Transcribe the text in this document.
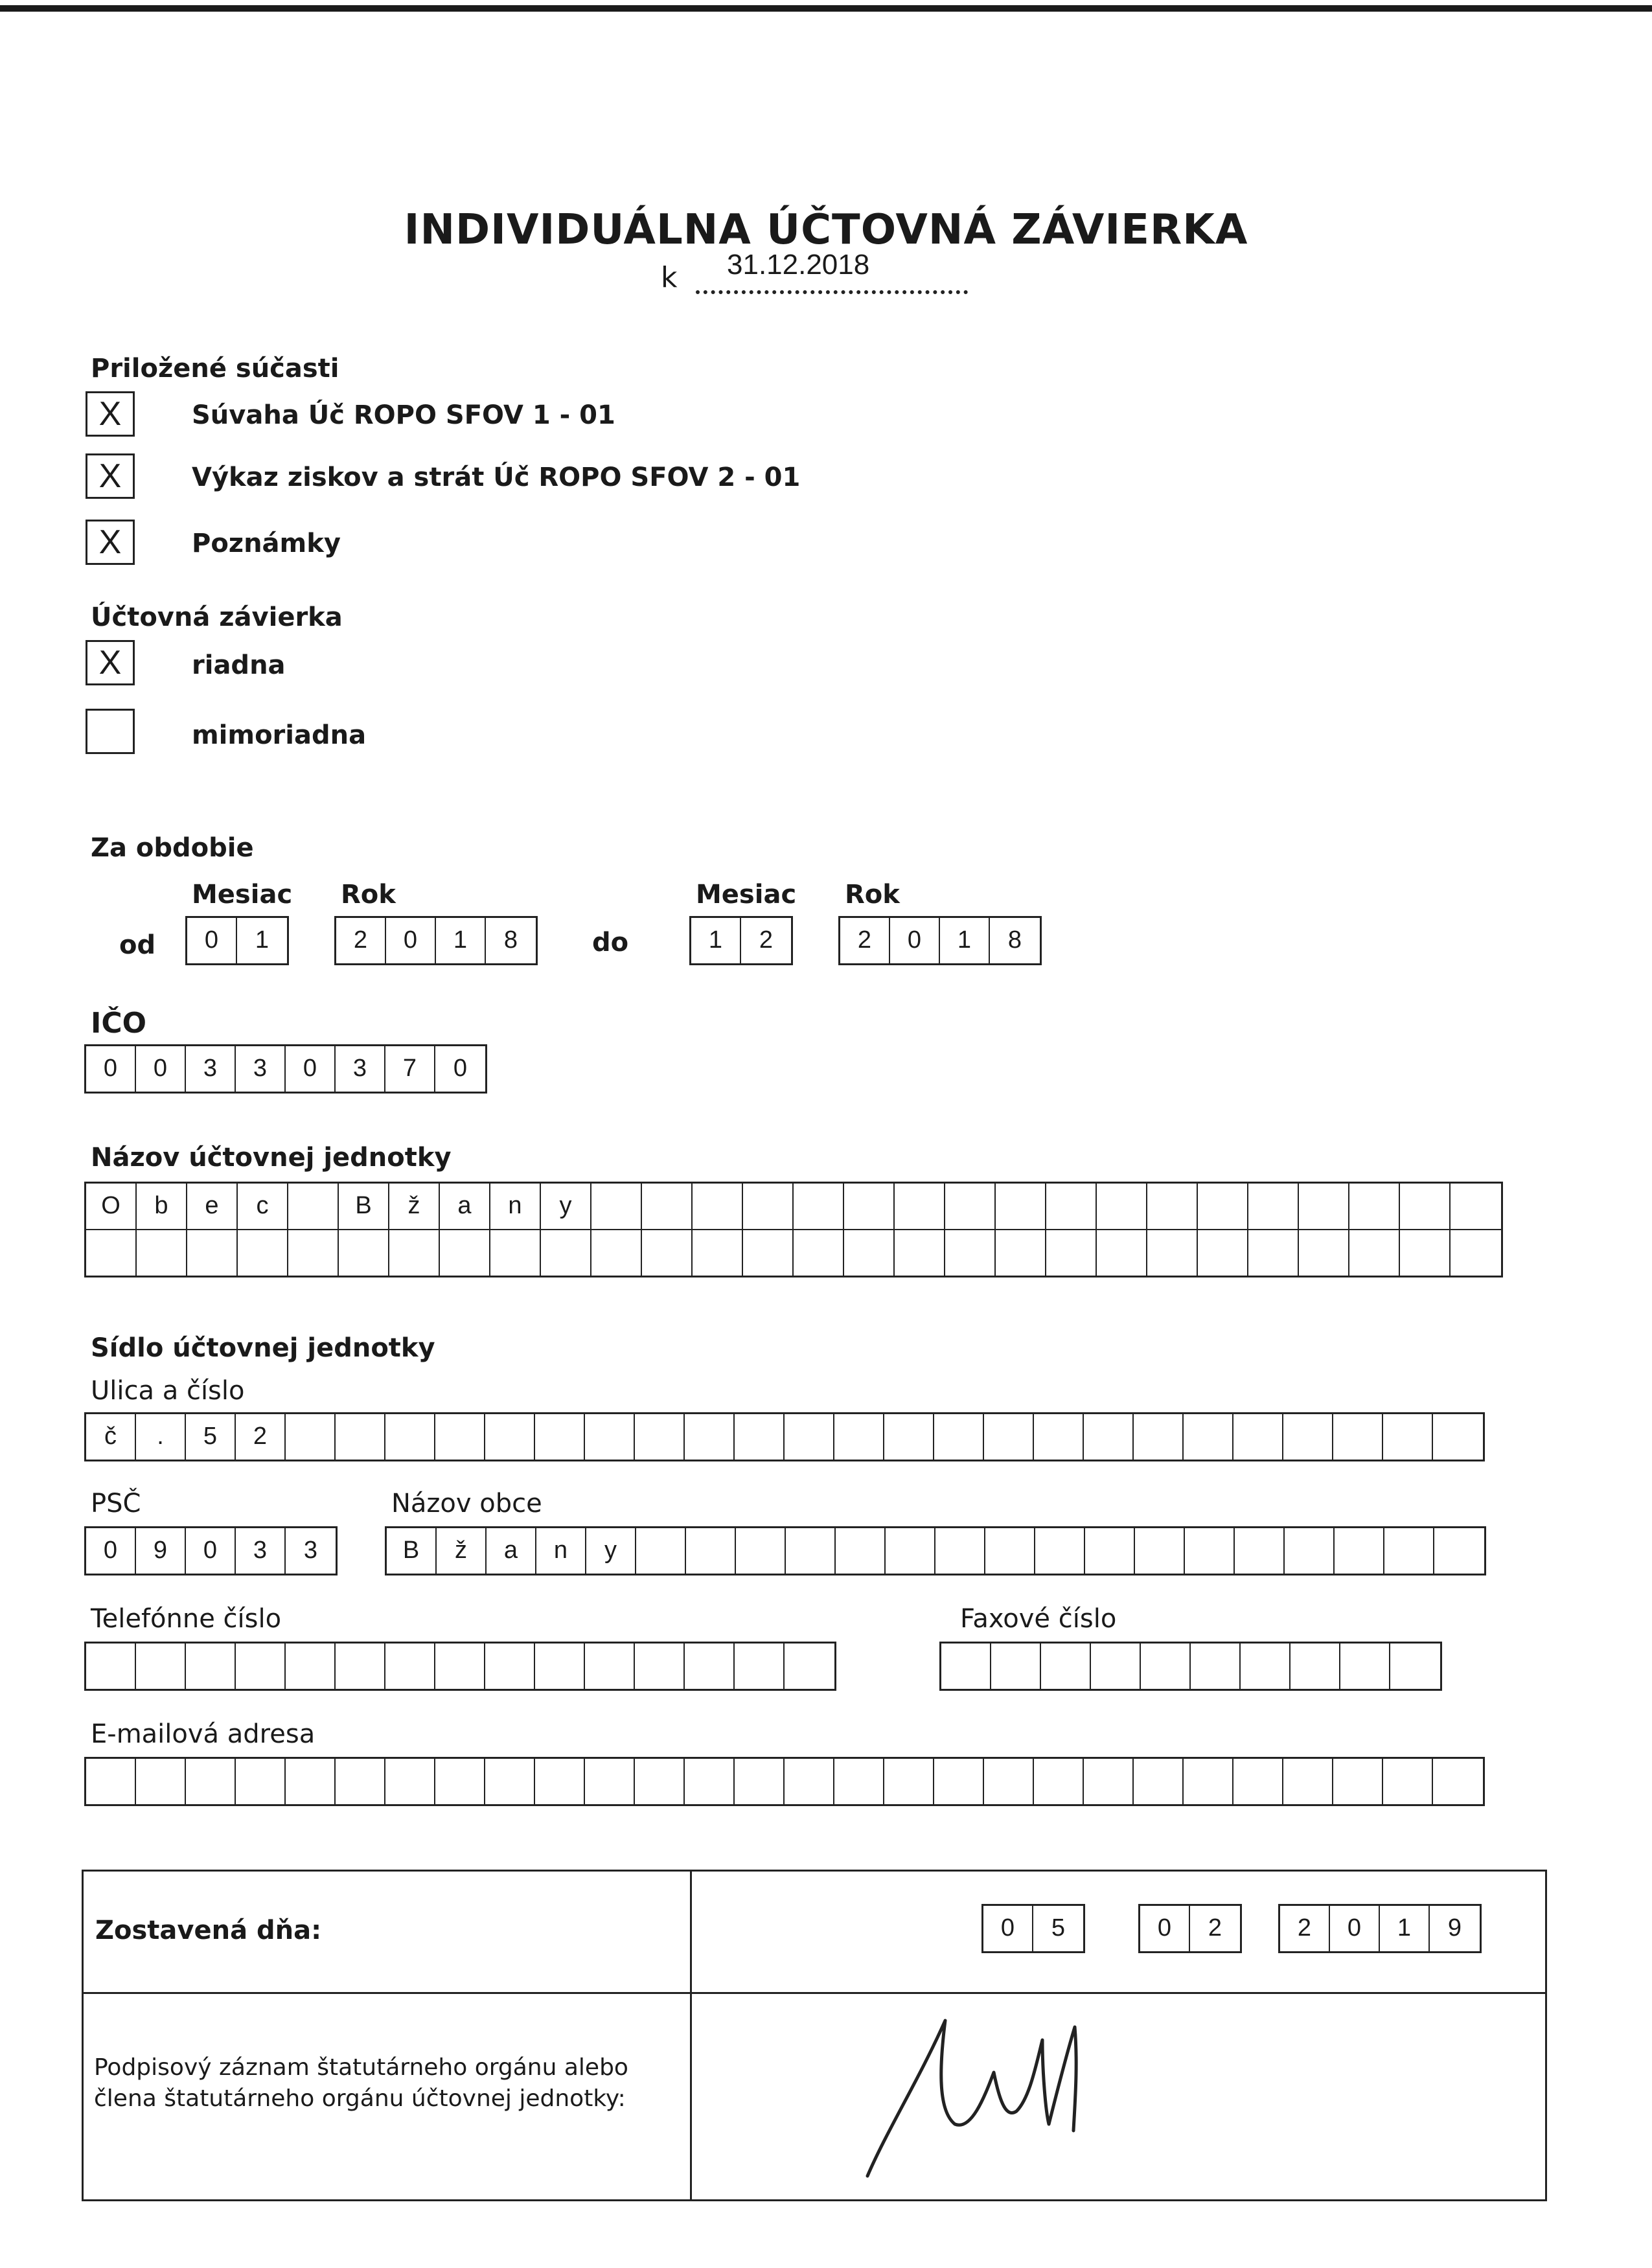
INDIVIDUÁLNA ÚČTOVNÁ ZÁVIERKA
k 31.12.2018
Priložené súčasti
X	Súvaha Úč ROPO SFOV 1 - 01
X	Výkaz ziskov a strát Úč ROPO SFOV 2 - 01
X	Poznámky
Účtovná závierka
X	riadna
mimoriadna
Za obdobie
Mesiac Rok	Mesiac Rok
od	0	1	2	0	1	8	do	1	2	2	0	1	8
IČO
0	0	3	3	0	3	7	0
Názov účtovnej jednotky
O	b	e	c	B	ž	a	n	y
Sídlo účtovnej jednotky
Ulica a číslo
č	.	5	2
PSČ	Názov obce
0	9	0	3	3	B	ž	a	n	y
Telefónne číslo	Faxové číslo
E-mailová adresa
Zostavená dňa:	0	5	0	2	2	0	1	9
Podpisový záznam štatutárneho orgánu alebo
člena štatutárneho orgánu účtovnej jednotky:
